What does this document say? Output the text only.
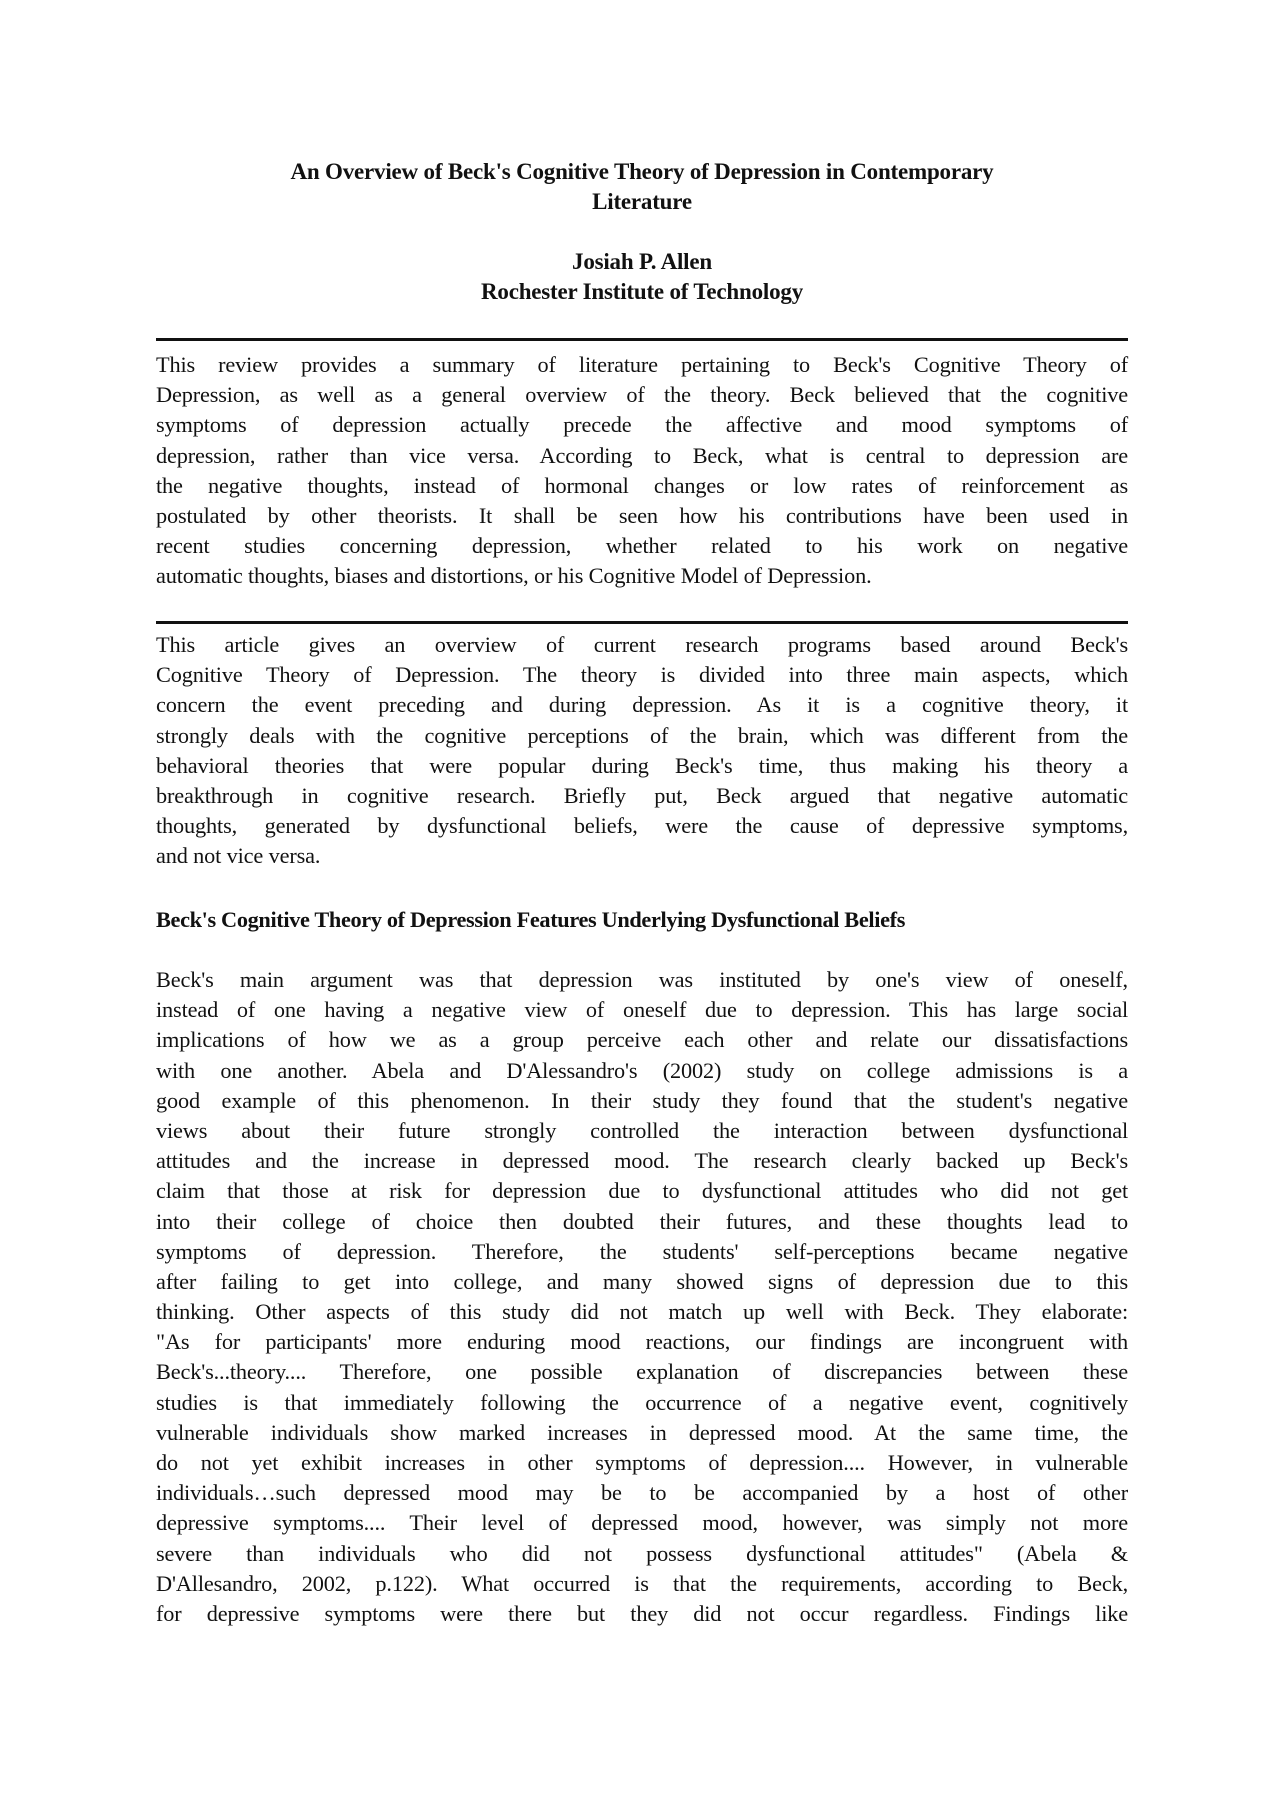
An Overview of Beck's Cognitive Theory of Depression in Contemporary
Literature
Josiah P. Allen
Rochester Institute of Technology
This review provides a summary of literature pertaining to Beck's Cognitive Theory of
Depression, as well as a general overview of the theory. Beck believed that the cognitive
symptoms of depression actually precede the affective and mood symptoms of
depression, rather than vice versa. According to Beck, what is central to depression are
the negative thoughts, instead of hormonal changes or low rates of reinforcement as
postulated by other theorists. It shall be seen how his contributions have been used in
recent studies concerning depression, whether related to his work on negative
automatic thoughts, biases and distortions, or his Cognitive Model of Depression.
This article gives an overview of current research programs based around Beck's
Cognitive Theory of Depression. The theory is divided into three main aspects, which
concern the event preceding and during depression. As it is a cognitive theory, it
strongly deals with the cognitive perceptions of the brain, which was different from the
behavioral theories that were popular during Beck's time, thus making his theory a
breakthrough in cognitive research. Briefly put, Beck argued that negative automatic
thoughts, generated by dysfunctional beliefs, were the cause of depressive symptoms,
and not vice versa.
Beck's Cognitive Theory of Depression Features Underlying Dysfunctional Beliefs
Beck's main argument was that depression was instituted by one's view of oneself,
instead of one having a negative view of oneself due to depression. This has large social
implications of how we as a group perceive each other and relate our dissatisfactions
with one another. Abela and D'Alessandro's (2002) study on college admissions is a
good example of this phenomenon. In their study they found that the student's negative
views about their future strongly controlled the interaction between dysfunctional
attitudes and the increase in depressed mood. The research clearly backed up Beck's
claim that those at risk for depression due to dysfunctional attitudes who did not get
into their college of choice then doubted their futures, and these thoughts lead to
symptoms of depression. Therefore, the students' self-perceptions became negative
after failing to get into college, and many showed signs of depression due to this
thinking. Other aspects of this study did not match up well with Beck. They elaborate:
"As for participants' more enduring mood reactions, our findings are incongruent with
Beck's...theory.... Therefore, one possible explanation of discrepancies between these
studies is that immediately following the occurrence of a negative event, cognitively
vulnerable individuals show marked increases in depressed mood. At the same time, the
do not yet exhibit increases in other symptoms of depression.... However, in vulnerable
individuals…such depressed mood may be to be accompanied by a host of other
depressive symptoms.... Their level of depressed mood, however, was simply not more
severe than individuals who did not possess dysfunctional attitudes" (Abela &
D'Allesandro, 2002, p.122). What occurred is that the requirements, according to Beck,
for depressive symptoms were there but they did not occur regardless. Findings like
